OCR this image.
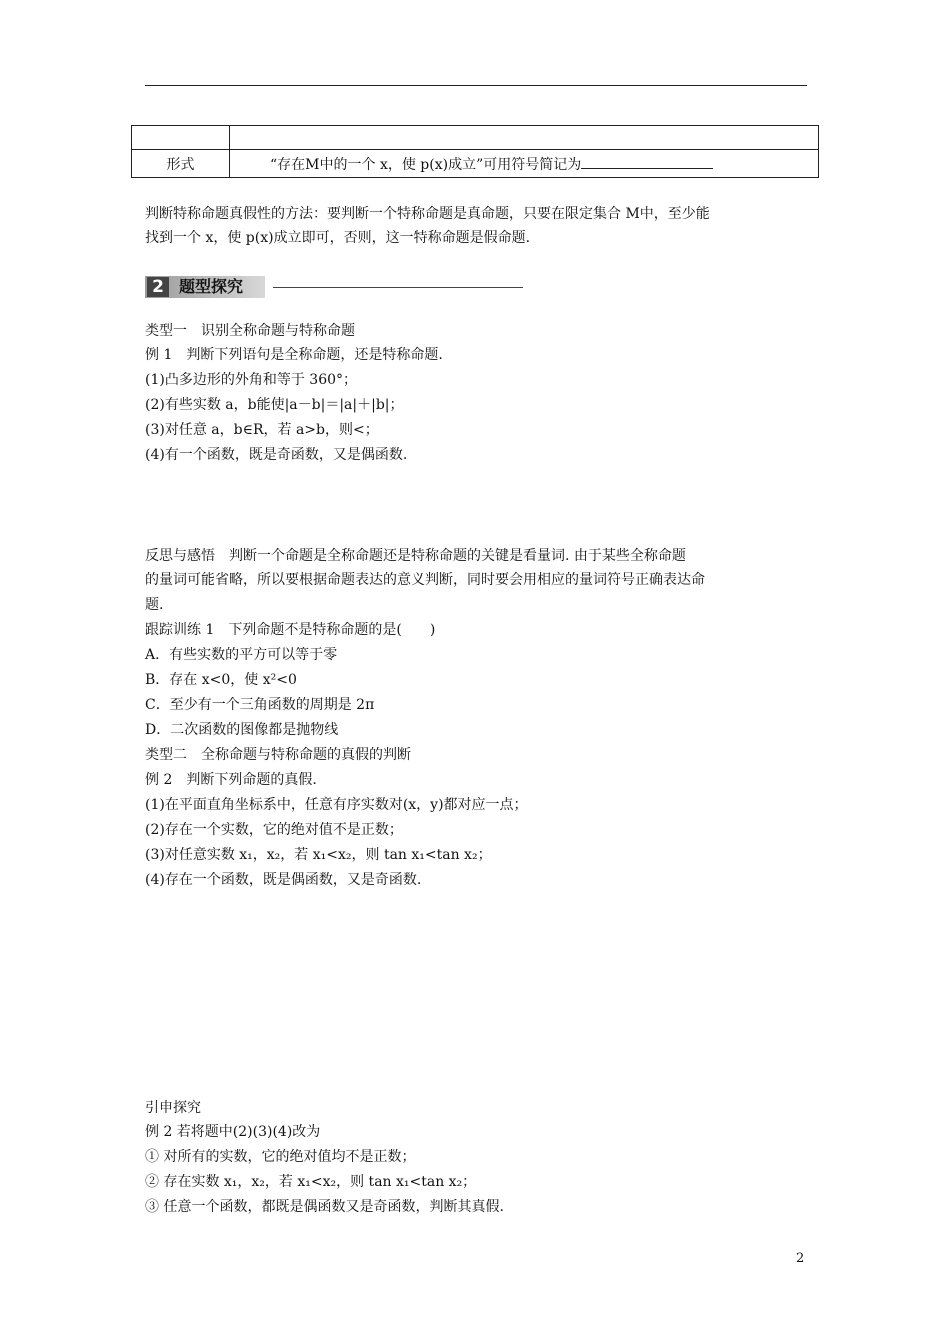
形式	“存在M中的一个 x，使 p(x)成立”可用符号简记为
判断特称命题真假性的方法：要判断一个特称命题是真命题，只要在限定集合 M中，至少能
找到一个 x，使 p(x)成立即可，否则，这一特称命题是假命题.
2 题型探究
类型一　识别全称命题与特称命题
例 1　判断下列语句是全称命题，还是特称命题.
(1)凸多边形的外角和等于 360°；
(2)有些实数 a，b能使|a－b|＝|a|＋|b|；
(3)对任意 a，b∈R，若 a>b，则<；
(4)有一个函数，既是奇函数，又是偶函数.
反思与感悟　判断一个命题是全称命题还是特称命题的关键是看量词. 由于某些全称命题
的量词可能省略，所以要根据命题表达的意义判断，同时要会用相应的量词符号正确表达命
题.
跟踪训练 1　下列命题不是特称命题的是(　　)
A．有些实数的平方可以等于零
B．存在 x<0，使 x²<0
C．至少有一个三角函数的周期是 2π
D．二次函数的图像都是抛物线
类型二　全称命题与特称命题的真假的判断
例 2　判断下列命题的真假.
(1)在平面直角坐标系中，任意有序实数对(x，y)都对应一点；
(2)存在一个实数，它的绝对值不是正数；
(3)对任意实数 x₁，x₂，若 x₁<x₂，则 tan x₁<tan x₂；
(4)存在一个函数，既是偶函数，又是奇函数.
引申探究
例 2 若将题中(2)(3)(4)改为
① 对所有的实数，它的绝对值均不是正数；
② 存在实数 x₁，x₂，若 x₁<x₂，则 tan x₁<tan x₂；
③ 任意一个函数，都既是偶函数又是奇函数，判断其真假.
2
